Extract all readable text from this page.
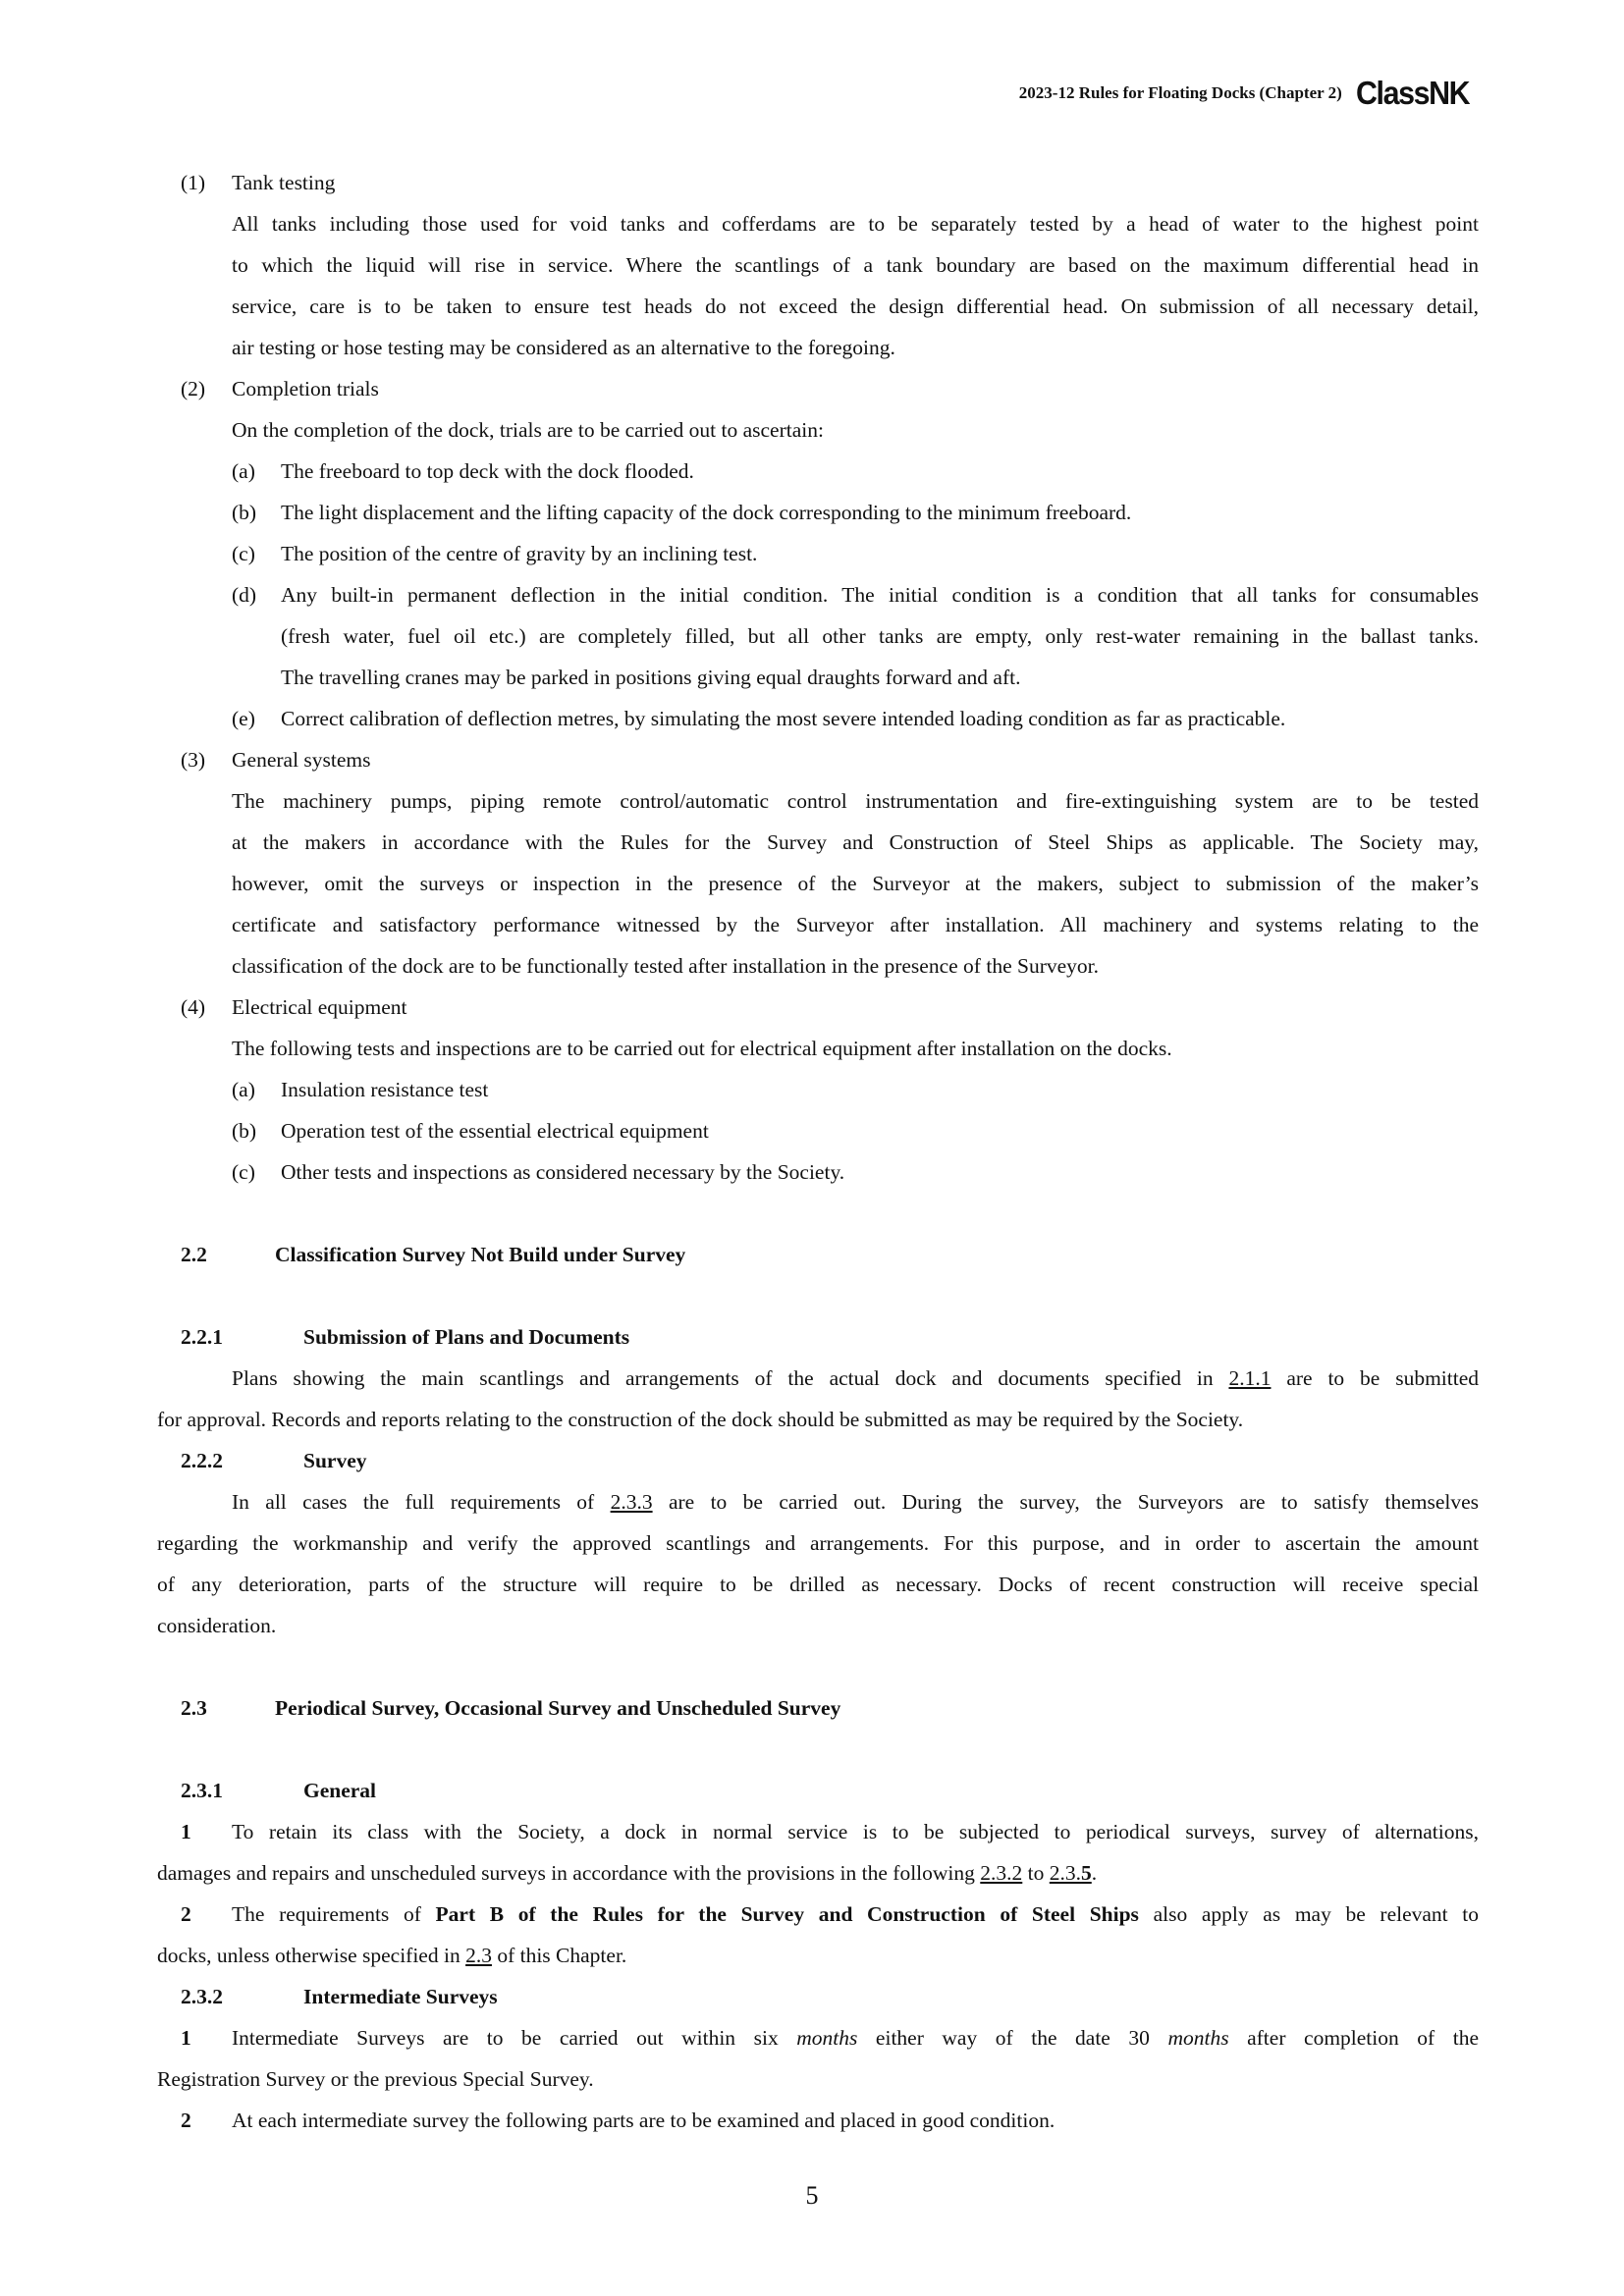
2023-12 Rules for Floating Docks (Chapter 2) ClassNK
(1) Tank testing
All tanks including those used for void tanks and cofferdams are to be separately tested by a head of water to the highest point
to which the liquid will rise in service. Where the scantlings of a tank boundary are based on the maximum differential head in
service, care is to be taken to ensure test heads do not exceed the design differential head. On submission of all necessary detail,
air testing or hose testing may be considered as an alternative to the foregoing.
(2) Completion trials
On the completion of the dock, trials are to be carried out to ascertain:
(a) The freeboard to top deck with the dock flooded.
(b) The light displacement and the lifting capacity of the dock corresponding to the minimum freeboard.
(c) The position of the centre of gravity by an inclining test.
(d) Any built-in permanent deflection in the initial condition. The initial condition is a condition that all tanks for consumables
(fresh water, fuel oil etc.) are completely filled, but all other tanks are empty, only rest-water remaining in the ballast tanks.
The travelling cranes may be parked in positions giving equal draughts forward and aft.
(e) Correct calibration of deflection metres, by simulating the most severe intended loading condition as far as practicable.
(3) General systems
The machinery pumps, piping remote control/automatic control instrumentation and fire-extinguishing system are to be tested
at the makers in accordance with the Rules for the Survey and Construction of Steel Ships as applicable. The Society may,
however, omit the surveys or inspection in the presence of the Surveyor at the makers, subject to submission of the maker’s
certificate and satisfactory performance witnessed by the Surveyor after installation. All machinery and systems relating to the
classification of the dock are to be functionally tested after installation in the presence of the Surveyor.
(4) Electrical equipment
The following tests and inspections are to be carried out for electrical equipment after installation on the docks.
(a) Insulation resistance test
(b) Operation test of the essential electrical equipment
(c) Other tests and inspections as considered necessary by the Society.
2.2	Classification Survey Not Build under Survey
2.2.1	Submission of Plans and Documents
Plans showing the main scantlings and arrangements of the actual dock and documents specified in 2.1.1 are to be submitted
for approval. Records and reports relating to the construction of the dock should be submitted as may be required by the Society.
2.2.2	Survey
In all cases the full requirements of 2.3.3 are to be carried out. During the survey, the Surveyors are to satisfy themselves
regarding the workmanship and verify the approved scantlings and arrangements. For this purpose, and in order to ascertain the amount
of any deterioration, parts of the structure will require to be drilled as necessary. Docks of recent construction will receive special
consideration.
2.3	Periodical Survey, Occasional Survey and Unscheduled Survey
2.3.1	General
1 To retain its class with the Society, a dock in normal service is to be subjected to periodical surveys, survey of alternations,
damages and repairs and unscheduled surveys in accordance with the provisions in the following 2.3.2 to 2.3.5.
2 The requirements of Part B of the Rules for the Survey and Construction of Steel Ships also apply as may be relevant to
docks, unless otherwise specified in 2.3 of this Chapter.
2.3.2	Intermediate Surveys
1 Intermediate Surveys are to be carried out within six months either way of the date 30 months after completion of the
Registration Survey or the previous Special Survey.
2 At each intermediate survey the following parts are to be examined and placed in good condition.
5
